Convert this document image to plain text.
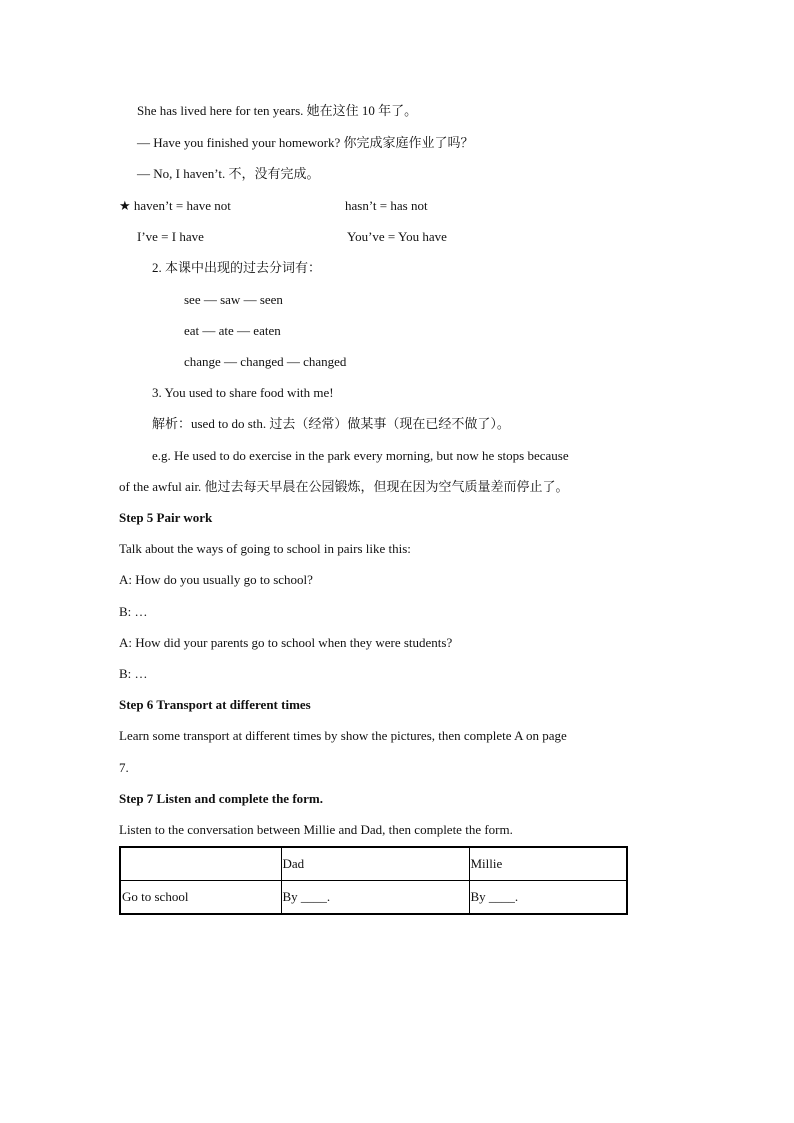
She has lived here for ten years. 她在这住 10 年了。
— Have you finished your homework? 你完成家庭作业了吗？
— No, I haven’t. 不，没有完成。
★ haven’t = have not	hasn’t = has not
I’ve = I have	You’ve = You have
2. 本课中出现的过去分词有：
see — saw — seen
eat — ate — eaten
change — changed — changed
3. You used to share food with me!
解析：used to do sth. 过去（经常）做某事（现在已经不做了）。
e.g. He used to do exercise in the park every morning, but now he stops because
of the awful air. 他过去每天早晨在公园锻炼，但现在因为空气质量差而停止了。
Step 5 Pair work
Talk about the ways of going to school in pairs like this:
A: How do you usually go to school?
B: …
A: How did your parents go to school when they were students?
B: …
Step 6 Transport at different times
Learn some transport at different times by show the pictures, then complete A on page
7.
Step 7 Listen and complete the form.
Listen to the conversation between Millie and Dad, then complete the form.
	Dad	Millie
Go to school	By ____.	By ____.
